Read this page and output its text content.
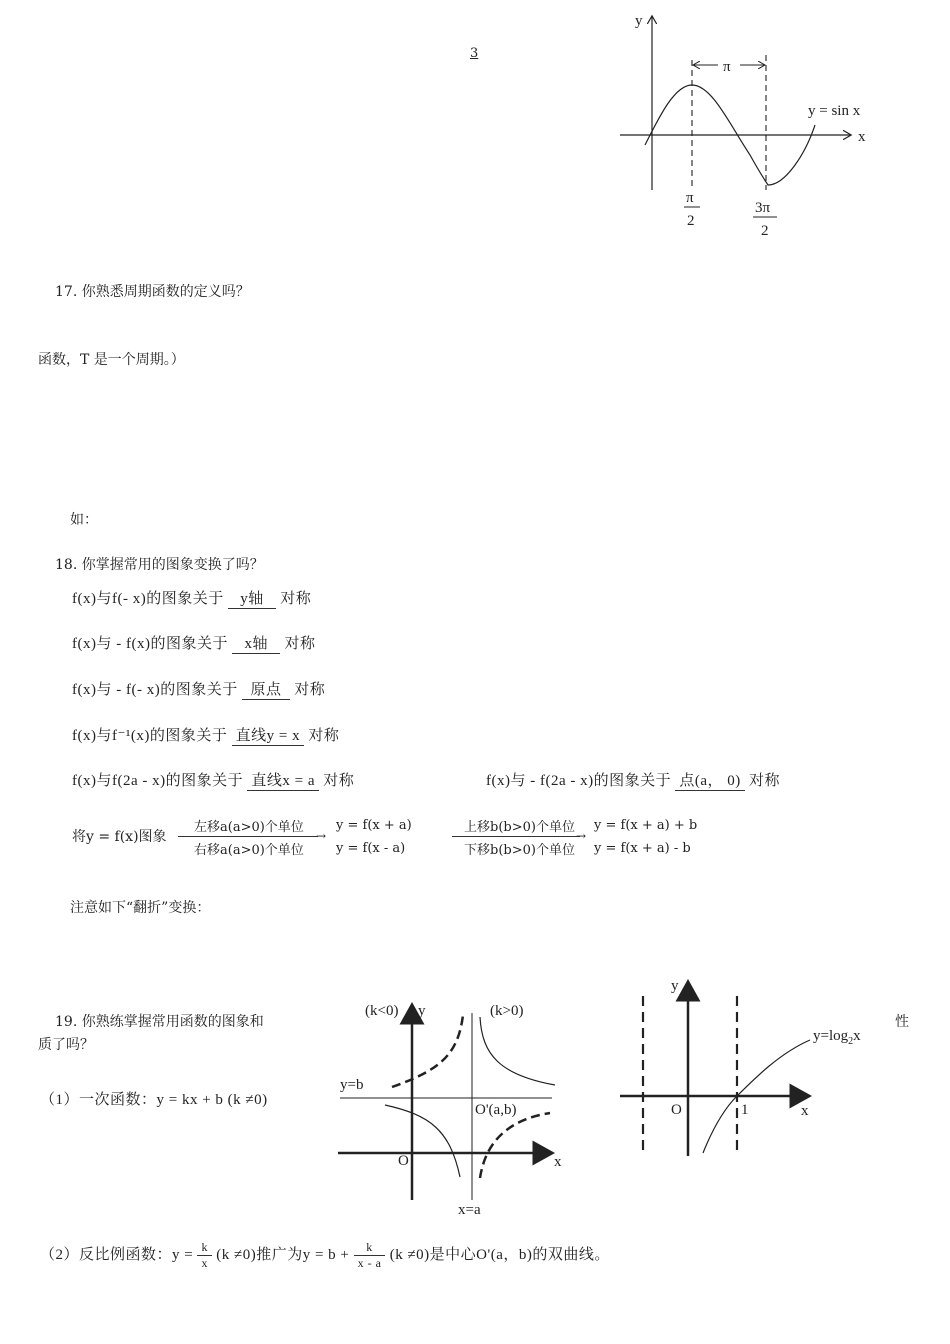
3
y
x
π
y = sin x
π
2
3π
2
17. 你熟悉周期函数的定义吗？
函数，T 是一个周期。）
如：
18. 你掌握常用的图象变换了吗？
f(x)与f(- x)的图象关于 y轴 对称
f(x)与 - f(x)的图象关于 x轴 对称
f(x)与 - f(- x)的图象关于 原点 对称
f(x)与f⁻¹(x)的图象关于 直线y = x 对称
f(x)与f(2a - x)的图象关于 直线x = a 对称	f(x)与 - f(2a - x)的图象关于 点(a， 0) 对称
将y = f(x)图象
左移a(a>0)个单位
→
右移a(a>0)个单位
y = f(x + a)
y = f(x - a)
上移b(b>0)个单位
→
下移b(b>0)个单位
y = f(x + a) + b
y = f(x + a) - b
注意如下“翻折”变换：
19. 你熟练掌握常用函数的图象和	性
质了吗？
（1）一次函数：y = kx + b (k ≠0)
(k<0)	(k>0)
y
x
y=b
O'(a,b)
O
x=a
y
x
$y=\log_2x$
O	1
（2）反比例函数：$y = \frac{k}{x} (k \ne 0)$推广为$y = b + \frac{k}{x - a} (k \ne 0)$是中心O'(a，b)的双曲线。
